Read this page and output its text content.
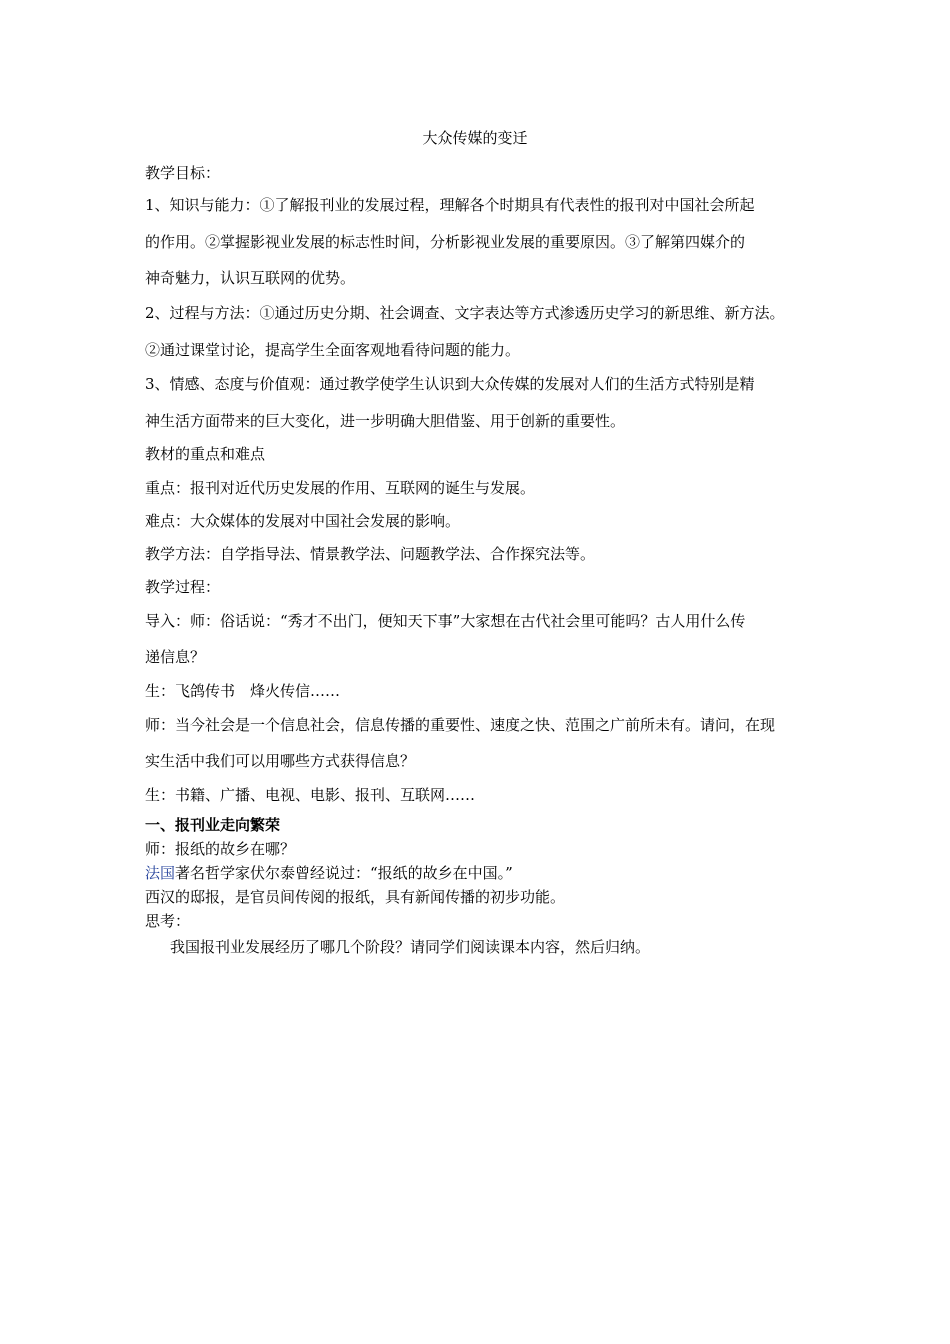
大众传媒的变迁
教学目标：
1、知识与能力：①了解报刊业的发展过程，理解各个时期具有代表性的报刊对中国社会所起
的作用。②掌握影视业发展的标志性时间，分析影视业发展的重要原因。③了解第四媒介的
神奇魅力，认识互联网的优势。
2、过程与方法：①通过历史分期、社会调查、文字表达等方式渗透历史学习的新思维、新方法。
②通过课堂讨论，提高学生全面客观地看待问题的能力。
3、情感、态度与价值观：通过教学使学生认识到大众传媒的发展对人们的生活方式特别是精
神生活方面带来的巨大变化，进一步明确大胆借鉴、用于创新的重要性。
教材的重点和难点
重点：报刊对近代历史发展的作用、互联网的诞生与发展。
难点：大众媒体的发展对中国社会发展的影响。
教学方法：自学指导法、情景教学法、问题教学法、合作探究法等。
教学过程：
导入：师：俗话说：“秀才不出门，便知天下事”大家想在古代社会里可能吗？古人用什么传
递信息？
生：飞鸽传书　烽火传信……
师：当今社会是一个信息社会，信息传播的重要性、速度之快、范围之广前所未有。请问，在现
实生活中我们可以用哪些方式获得信息？
生：书籍、广播、电视、电影、报刊、互联网……
一、报刊业走向繁荣
师：报纸的故乡在哪？
法国著名哲学家伏尔泰曾经说过：“报纸的故乡在中国。”
西汉的邸报，是官员间传阅的报纸，具有新闻传播的初步功能。
思考：
我国报刊业发展经历了哪几个阶段？请同学们阅读课本内容，然后归纳。
